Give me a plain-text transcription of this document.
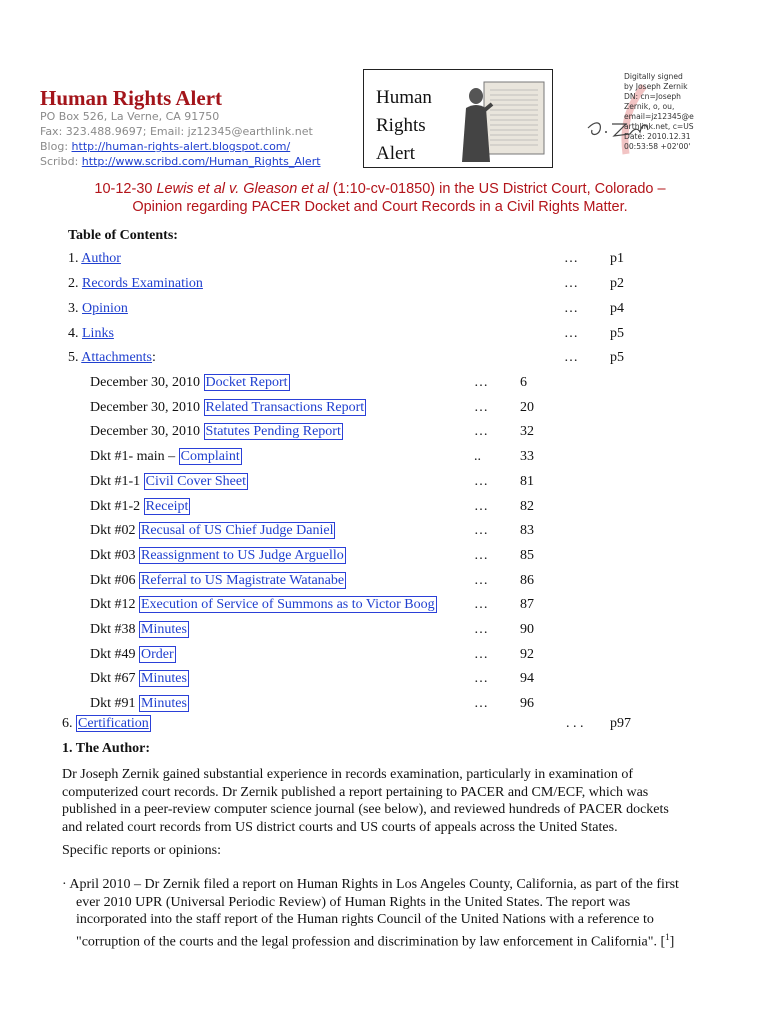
Human Rights Alert
PO Box 526, La Verne, CA 91750
Fax: 323.488.9697; Email: jz12345@earthlink.net
Blog: http://human-rights-alert.blogspot.com/
Scribd: http://www.scribd.com/Human_Rights_Alert
Human
Rights
Alert
Digitally signed
by Joseph Zernik
DN: cn=Joseph
Zernik, o, ou,
email=jz12345@e
arthlink.net, c=US
Date: 2010.12.31
00:53:58 +02'00'
10-12-30 Lewis et al v. Gleason et al (1:10-cv-01850) in the US District Court, Colorado –
Opinion regarding PACER Docket and Court Records in a Civil Rights Matter.
Table of Contents:
1. Author	… p1
2. Records Examination	… p2
3. Opinion	… p4
4. Links	… p5
5. Attachments:	… p5
December 30, 2010 Docket Report	… 6
December 30, 2010 Related Transactions Report	… 20
December 30, 2010 Statutes Pending Report	… 32
Dkt #1- main – Complaint	..	33
Dkt #1-1 Civil Cover Sheet	… 81
Dkt #1-2 Receipt	… 82
Dkt #02 Recusal of US Chief Judge Daniel	… 83
Dkt #03 Reassignment to US Judge Arguello	… 85
Dkt #06 Referral to US Magistrate Watanabe	… 86
Dkt #12 Execution of Service of Summons as to Victor Boog	… 87
Dkt #38 Minutes	… 90
Dkt #49 Order	… 92
Dkt #67 Minutes	… 94
Dkt #91 Minutes	… 96
6. Certification	. . . p97
1. The Author:
Dr Joseph Zernik gained substantial experience in records examination, particularly in examination of
computerized court records. Dr Zernik published a report pertaining to PACER and CM/ECF, which was
published in a peer-review computer science journal (see below), and reviewed hundreds of PACER dockets
and related court records from US district courts and US courts of appeals across the United States.
Specific reports or opinions:
· April 2010 – Dr Zernik filed a report on Human Rights in Los Angeles County, California, as part of the first
ever 2010 UPR (Universal Periodic Review) of Human Rights in the United States. The report was
incorporated into the staff report of the Human rights Council of the United Nations with a reference to
"corruption of the courts and the legal profession and discrimination by law enforcement in California". [$^1$]
